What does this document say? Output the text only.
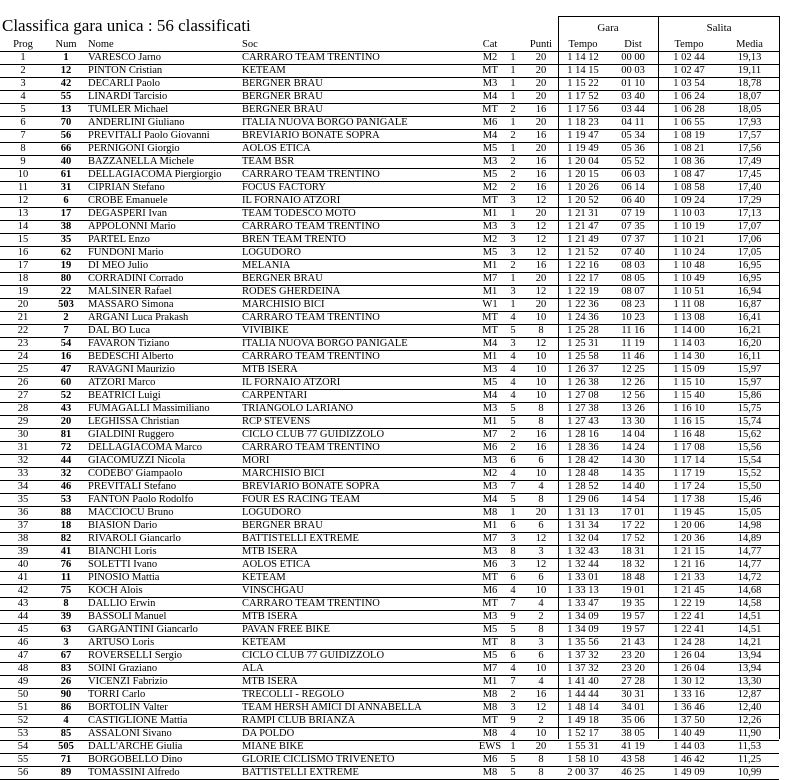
Classifica gara unica : 56 classificati	Gara	Salita
Prog	Num	Nome	Soc	Cat		Punti	Tempo	Dist	Tempo	Media
1	1	VARESCO Jarno	CARRARO TEAM TRENTINO	M2	1	20	1 14 12	00 00	1 02 44	19,13
2	12	PINTON Cristian	KETEAM	MT	1	20	1 14 15	00 03	1 02 47	19,11
3	42	DECARLI Paolo	BERGNER BRAU	M3	1	20	1 15 22	01 10	1 03 54	18,78
4	55	LINARDI Tarcisio	BERGNER BRAU	M4	1	20	1 17 52	03 40	1 06 24	18,07
5	13	TUMLER Michael	BERGNER BRAU	MT	2	16	1 17 56	03 44	1 06 28	18,05
6	70	ANDERLINI Giuliano	ITALIA NUOVA BORGO PANIGALE	M6	1	20	1 18 23	04 11	1 06 55	17,93
7	56	PREVITALI Paolo Giovanni	BREVIARIO BONATE SOPRA	M4	2	16	1 19 47	05 34	1 08 19	17,57
8	66	PERNIGONI Giorgio	AOLOS ETICA	M5	1	20	1 19 49	05 36	1 08 21	17,56
9	40	BAZZANELLA Michele	TEAM BSR	M3	2	16	1 20 04	05 52	1 08 36	17,49
10	61	DELLAGIACOMA Piergiorgio	CARRARO TEAM TRENTINO	M5	2	16	1 20 15	06 03	1 08 47	17,45
11	31	CIPRIAN Stefano	FOCUS FACTORY	M2	2	16	1 20 26	06 14	1 08 58	17,40
12	6	CROBE Emanuele	IL FORNAIO ATZORI	MT	3	12	1 20 52	06 40	1 09 24	17,29
13	17	DEGASPERI Ivan	TEAM TODESCO MOTO	M1	1	20	1 21 31	07 19	1 10 03	17,13
14	38	APPOLONNI Mario	CARRARO TEAM TRENTINO	M3	3	12	1 21 47	07 35	1 10 19	17,07
15	35	PARTEL Enzo	BREN TEAM TRENTO	M2	3	12	1 21 49	07 37	1 10 21	17,06
16	62	FUNDONI Mario	LOGUDORO	M5	3	12	1 21 52	07 40	1 10 24	17,05
17	19	DI MEO Julio	MELANIA	M1	2	16	1 22 16	08 03	1 10 48	16,95
18	80	CORRADINI Corrado	BERGNER BRAU	M7	1	20	1 22 17	08 05	1 10 49	16,95
19	22	MALSINER Rafael	RODES GHERDEINA	M1	3	12	1 22 19	08 07	1 10 51	16,94
20	503	MASSARO Simona	MARCHISIO BICI	W1	1	20	1 22 36	08 23	1 11 08	16,87
21	2	ARGANI Luca Prakash	CARRARO TEAM TRENTINO	MT	4	10	1 24 36	10 23	1 13 08	16,41
22	7	DAL BO Luca	VIVIBIKE	MT	5	8	1 25 28	11 16	1 14 00	16,21
23	54	FAVARON Tiziano	ITALIA NUOVA BORGO PANIGALE	M4	3	12	1 25 31	11 19	1 14 03	16,20
24	16	BEDESCHI Alberto	CARRARO TEAM TRENTINO	M1	4	10	1 25 58	11 46	1 14 30	16,11
25	47	RAVAGNI Maurizio	MTB ISERA	M3	4	10	1 26 37	12 25	1 15 09	15,97
26	60	ATZORI Marco	IL FORNAIO ATZORI	M5	4	10	1 26 38	12 26	1 15 10	15,97
27	52	BEATRICI Luigi	CARPENTARI	M4	4	10	1 27 08	12 56	1 15 40	15,86
28	43	FUMAGALLI Massimiliano	TRIANGOLO LARIANO	M3	5	8	1 27 38	13 26	1 16 10	15,75
29	20	LEGHISSA Christian	RCP STEVENS	M1	5	8	1 27 43	13 30	1 16 15	15,74
30	81	GIALDINI Ruggero	CICLO CLUB 77 GUIDIZZOLO	M7	2	16	1 28 16	14 04	1 16 48	15,62
31	72	DELLAGIACOMA Marco	CARRARO TEAM TRENTINO	M6	2	16	1 28 36	14 24	1 17 08	15,56
32	44	GIACOMUZZI Nicola	MORI	M3	6	6	1 28 42	14 30	1 17 14	15,54
33	32	CODEBO' Giampaolo	MARCHISIO BICI	M2	4	10	1 28 48	14 35	1 17 19	15,52
34	46	PREVITALI Stefano	BREVIARIO BONATE SOPRA	M3	7	4	1 28 52	14 40	1 17 24	15,50
35	53	FANTON Paolo Rodolfo	FOUR ES RACING TEAM	M4	5	8	1 29 06	14 54	1 17 38	15,46
36	88	MACCIOCU Bruno	LOGUDORO	M8	1	20	1 31 13	17 01	1 19 45	15,05
37	18	BIASION Dario	BERGNER BRAU	M1	6	6	1 31 34	17 22	1 20 06	14,98
38	82	RIVAROLI Giancarlo	BATTISTELLI EXTREME	M7	3	12	1 32 04	17 52	1 20 36	14,89
39	41	BIANCHI Loris	MTB ISERA	M3	8	3	1 32 43	18 31	1 21 15	14,77
40	76	SOLETTI Ivano	AOLOS ETICA	M6	3	12	1 32 44	18 32	1 21 16	14,77
41	11	PINOSIO Mattia	KETEAM	MT	6	6	1 33 01	18 48	1 21 33	14,72
42	75	KOCH Alois	VINSCHGAU	M6	4	10	1 33 13	19 01	1 21 45	14,68
43	8	DALLIO Erwin	CARRARO TEAM TRENTINO	MT	7	4	1 33 47	19 35	1 22 19	14,58
44	39	BASSOLI Manuel	MTB ISERA	M3	9	2	1 34 09	19 57	1 22 41	14,51
45	63	GARGANTINI Giancarlo	PAVAN FREE BIKE	M5	5	8	1 34 09	19 57	1 22 41	14,51
46	3	ARTUSO Loris	KETEAM	MT	8	3	1 35 56	21 43	1 24 28	14,21
47	67	ROVERSELLI Sergio	CICLO CLUB 77 GUIDIZZOLO	M5	6	6	1 37 32	23 20	1 26 04	13,94
48	83	SOINI Graziano	ALA	M7	4	10	1 37 32	23 20	1 26 04	13,94
49	26	VICENZI Fabrizio	MTB ISERA	M1	7	4	1 41 40	27 28	1 30 12	13,30
50	90	TORRI Carlo	TRECOLLI - REGOLO	M8	2	16	1 44 44	30 31	1 33 16	12,87
51	86	BORTOLIN Valter	TEAM HERSH AMICI DI ANNABELLA	M8	3	12	1 48 14	34 01	1 36 46	12,40
52	4	CASTIGLIONE Mattia	RAMPI CLUB BRIANZA	MT	9	2	1 49 18	35 06	1 37 50	12,26
53	85	ASSALONI Sivano	DA POLDO	M8	4	10	1 52 17	38 05	1 40 49	11,90
54	505	DALL'ARCHE Giulia	MIANE BIKE	EWS	1	20	1 55 31	41 19	1 44 03	11,53
55	71	BORGOBELLO Dino	GLORIE CICLISMO TRIVENETO	M6	5	8	1 58 10	43 58	1 46 42	11,25
56	89	TOMASSINI Alfredo	BATTISTELLI EXTREME	M8	5	8	2 00 37	46 25	1 49 09	10,99
